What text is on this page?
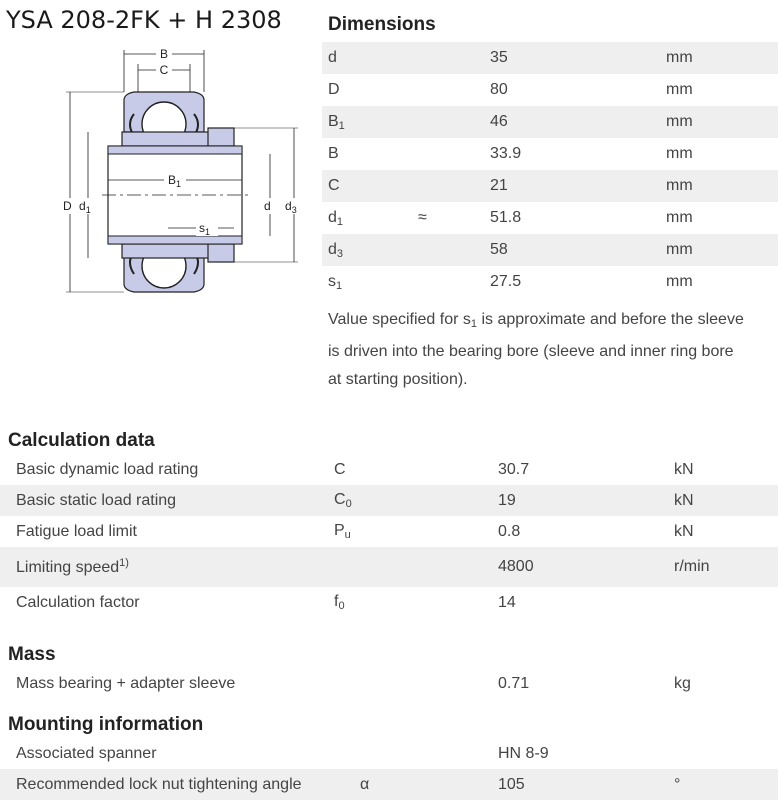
YSA 208-2FK + H 2308
B
C
$B_1$
$s_1$
D $d_1$	d $d_3$
Dimensions
d		35	mm
D		80	mm
$B_1$		46	mm
B		33.9	mm
C		21	mm
$d_1$	≈	51.8	mm
$d_3$		58	mm
$s_1$		27.5	mm
Value specified for $s_1$ is approximate and before the sleeve
is driven into the bearing bore (sleeve and inner ring bore
at starting position).
Calculation data
Basic dynamic load rating	C	30.7	kN
Basic static load rating	$C_0$	19	kN
Fatigue load limit	$P_u$	0.8	kN
Limiting speed$^{1)}$		4800	r/min
Calculation factor	$f_0$	14	
Mass
Mass bearing + adapter sleeve		0.71	kg
Mounting information
Associated spanner		HN 8-9	
Recommended lock nut tightening angle	α	105	°
